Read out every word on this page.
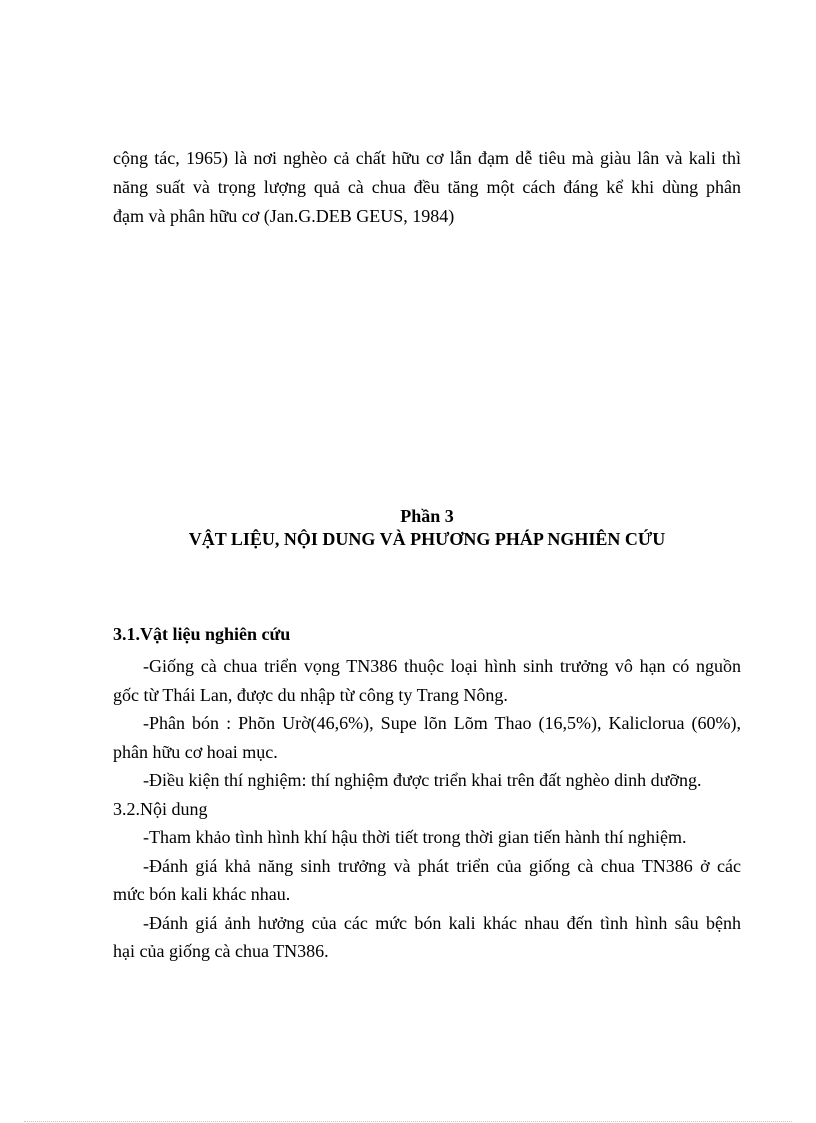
cộng tác, 1965) là nơi nghèo cả chất hữu cơ lẫn đạm dễ tiêu mà giàu lân và kali thì
năng suất và trọng lượng quả cà chua đều tăng một cách đáng kể khi dùng phân
đạm và phân hữu cơ (Jan.G.DEB GEUS, 1984)
Phần 3
VẬT LIỆU, NỘI DUNG VÀ PHƯƠNG PHÁP NGHIÊN CỨU
3.1.Vật liệu nghiên cứu
-Giống cà chua triển vọng TN386 thuộc loại hình sinh trưởng vô hạn có nguồn
gốc từ Thái Lan, được du nhập từ công ty Trang Nông.
-Phân bón : Phõn Urờ(46,6%), Supe lõn Lõm Thao (16,5%), Kaliclorua (60%),
phân hữu cơ hoai mục.
-Điều kiện thí nghiệm: thí nghiệm được triển khai trên đất nghèo dinh dưỡng.
3.2.Nội dung
-Tham khảo tình hình khí hậu thời tiết trong thời gian tiến hành thí nghiệm.
-Đánh giá khả năng sinh trưởng và phát triển của giống cà chua TN386 ở các
mức bón kali khác nhau.
-Đánh giá ảnh hưởng của các mức bón kali khác nhau đến tình hình sâu bệnh
hại của giống cà chua TN386.
